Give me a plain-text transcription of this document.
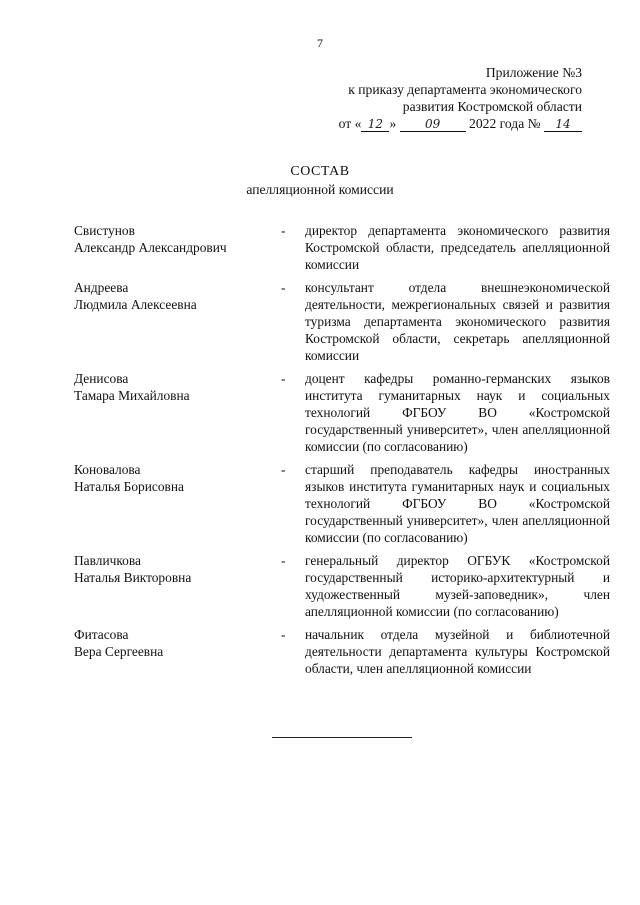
7
Приложение №3
к приказу департамента экономического
развития Костромской области
от « 12 » 09 2022 года № 14
СОСТАВ
апелляционной комиссии
Свистунов
Александр Александрович
-	директор департамента экономического развития Костромской области, председатель апелляционной комиссии
Андреева
Людмила Алексеевна
-	консультант отдела внешнеэкономической деятельности, межрегиональных связей и развития туризма департамента экономического развития Костромской области, секретарь апелляционной комиссии
Денисова
Тамара Михайловна
-	доцент кафедры романно-германских языков института гуманитарных наук и социальных технологий ФГБОУ ВО «Костромской государственный университет», член апелляционной комиссии (по согласованию)
Коновалова
Наталья Борисовна
-	старший преподаватель кафедры иностранных языков института гуманитарных наук и социальных технологий ФГБОУ ВО «Костромской государственный университет», член апелляционной комиссии (по согласованию)
Павличкова
Наталья Викторовна
-	генеральный директор ОГБУК «Костромской государственный историко-архитектурный и художественный музей-заповедник», член апелляционной комиссии (по согласованию)
Фитасова
Вера Сергеевна
-	начальник отдела музейной и библиотечной деятельности департамента культуры Костромской области, член апелляционной комиссии
